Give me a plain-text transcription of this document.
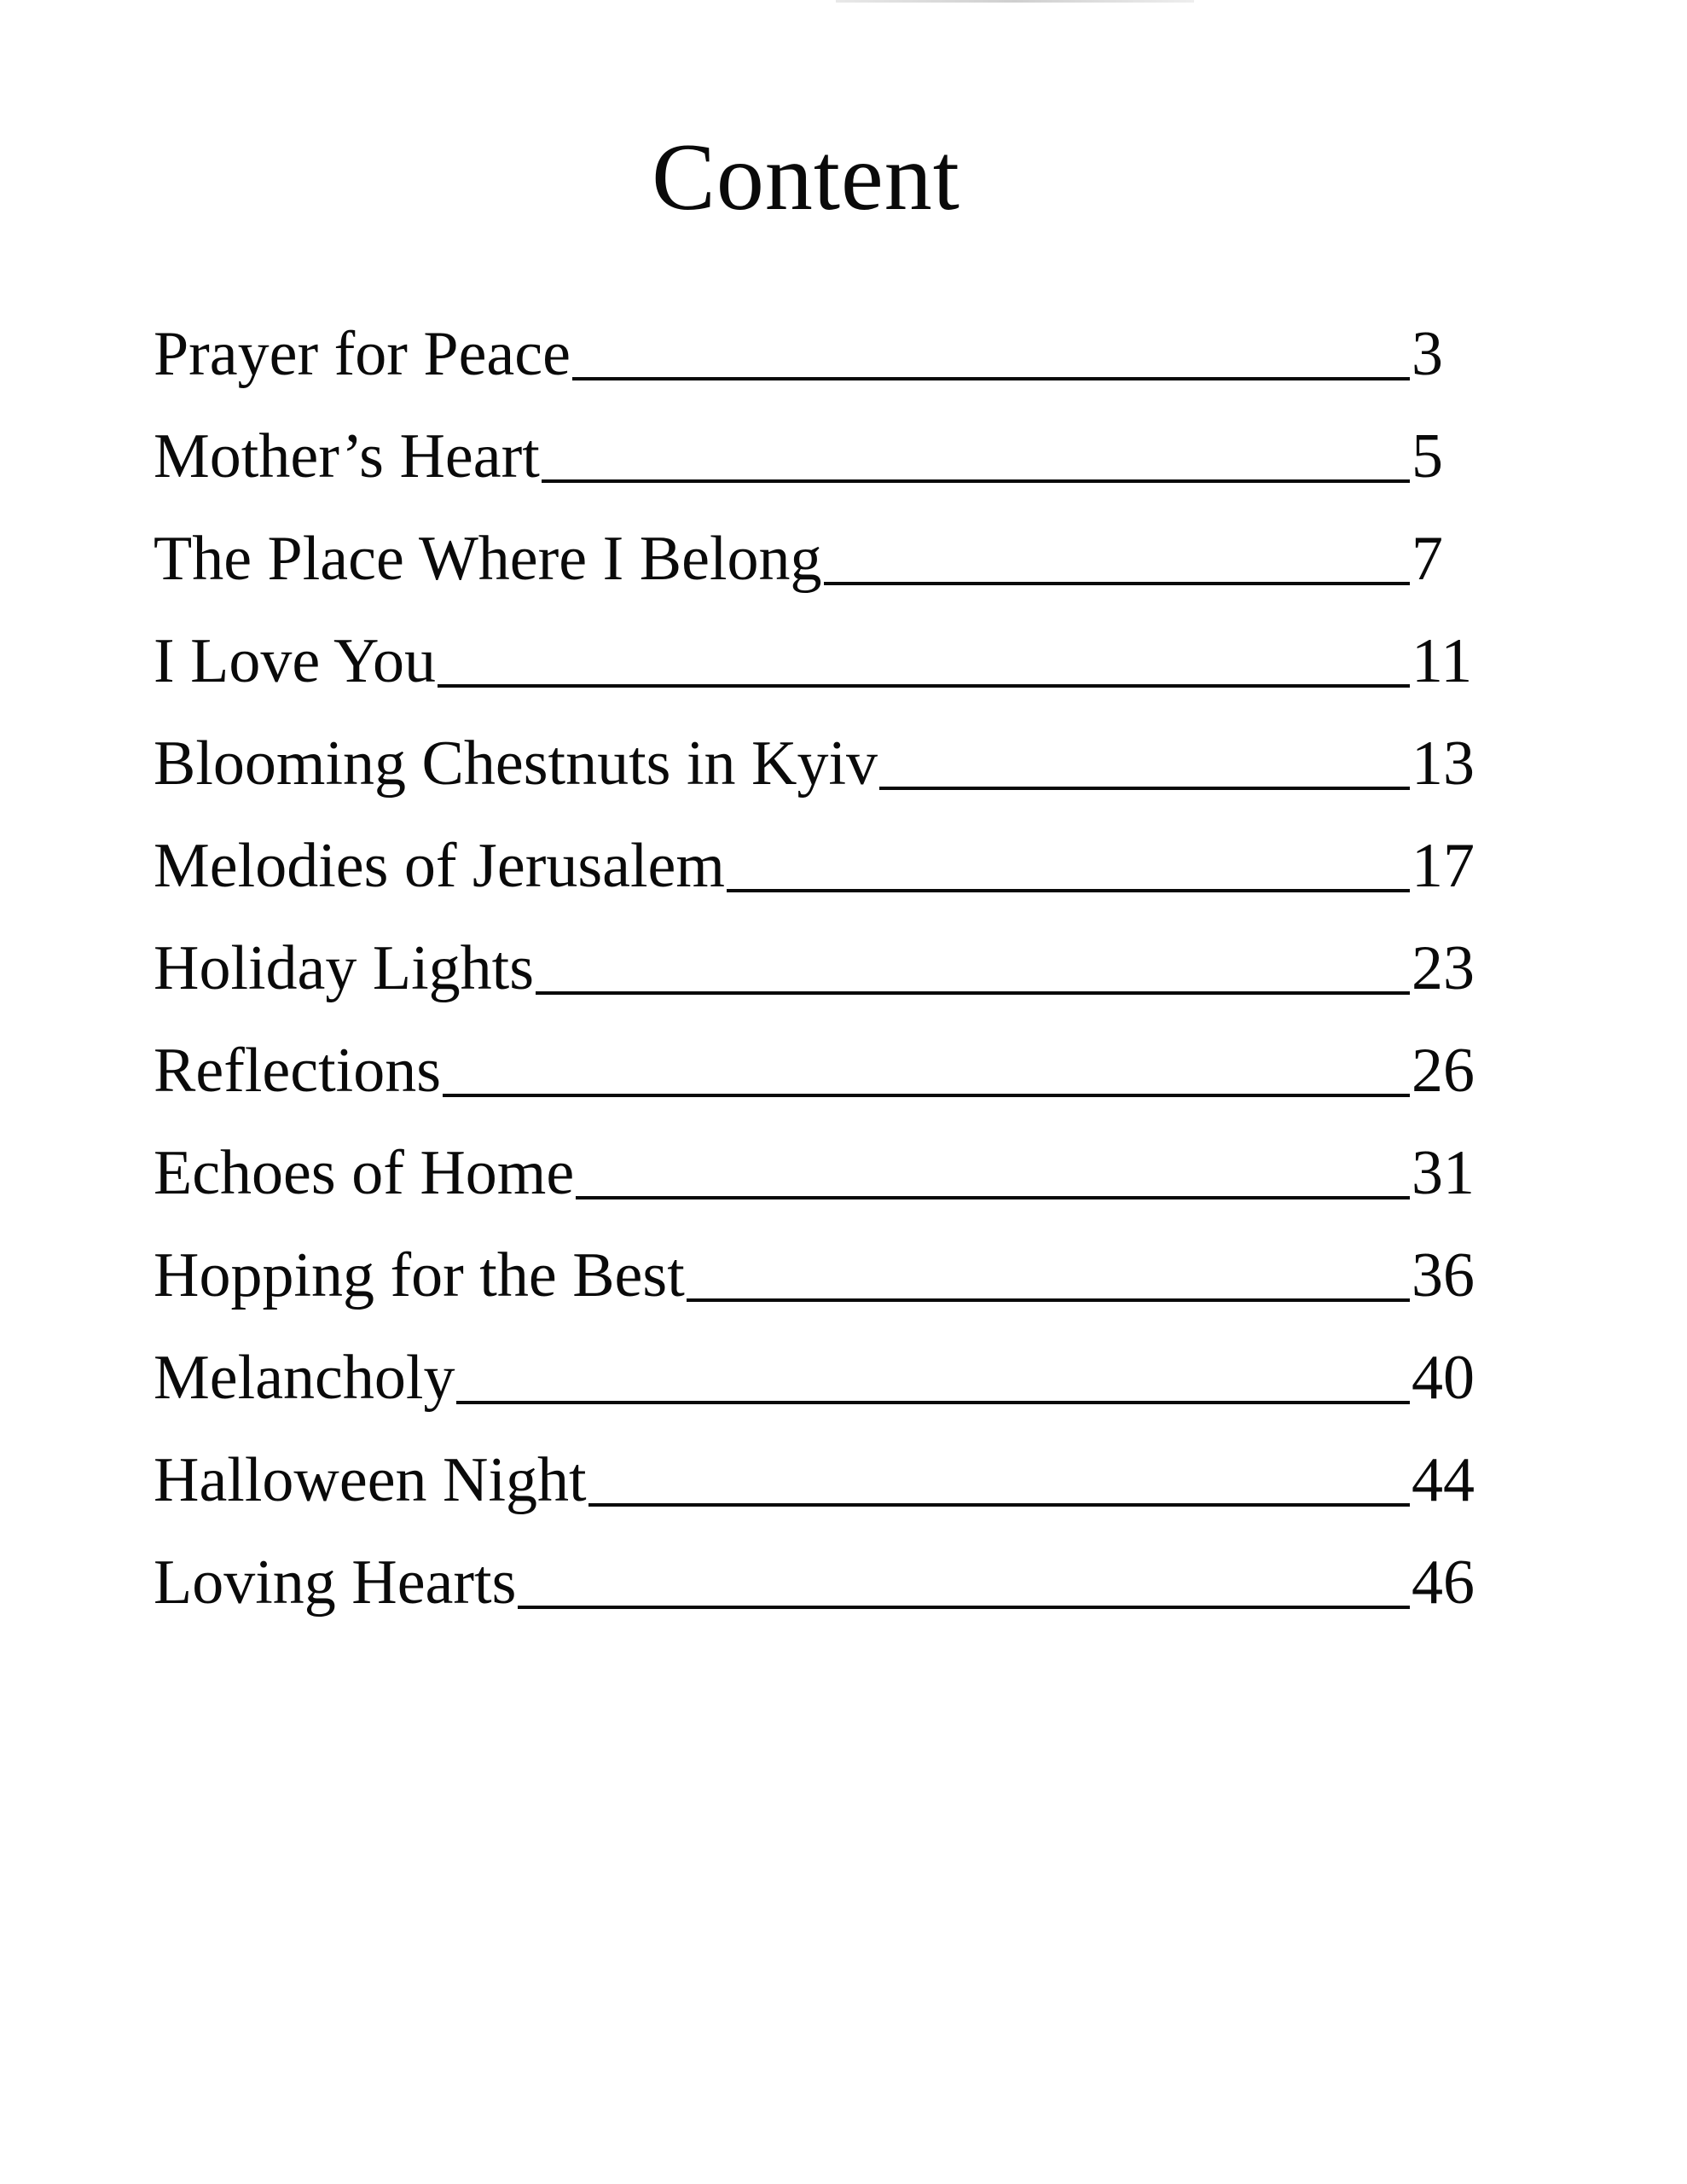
Content
Prayer for Peace	3
Mother’s Heart	5
The Place Where I Belong	7
I Love You	11
Blooming Chestnuts in Kyiv	13
Melodies of Jerusalem	17
Holiday Lights	23
Reflections	26
Echoes of Home	31
Hopping for the Best	36
Melancholy	40
Halloween Night	44
Loving Hearts	46
